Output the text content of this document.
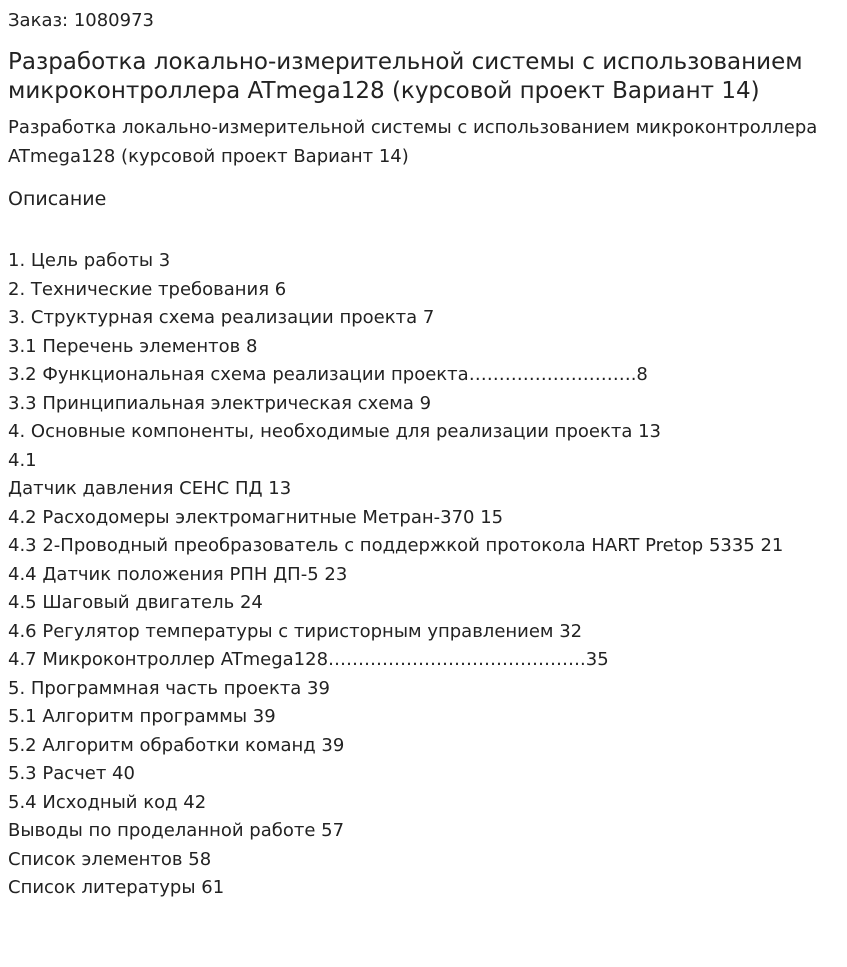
Заказ: 1080973
Разработка локально-измерительной системы с использованием микроконтроллера ATmega128 (курсовой проект Вариант 14)

Разработка локально-измерительной системы с использованием микроконтроллера ATmega128 (курсовой проект Вариант 14)

Описание
1. Цель работы 3
2. Технические требования 6
3. Структурная схема реализации проекта 7
3.1 Перечень элементов 8
3.2 Функциональная схема реализации проекта……………………….8
3.3 Принципиальная электрическая схема 9
4. Основные компоненты, необходимые для реализации проекта 13
4.1
Датчик давления СЕНС ПД 13
4.2 Расходомеры электромагнитные Метран-370 15
4.3 2-Проводный преобразователь с поддержкой протокола HART Pretop 5335 21
4.4 Датчик положения РПН ДП-5 23
4.5 Шаговый двигатель 24
4.6 Регулятор температуры с тиристорным управлением 32
4.7 Микроконтроллер ATmega128…………………………………….35
5. Программная часть проекта 39
5.1 Алгоритм программы 39
5.2 Алгоритм обработки команд 39
5.3 Расчет 40
5.4 Исходный код 42
Выводы по проделанной работе 57
Список элементов 58
Список литературы 61
